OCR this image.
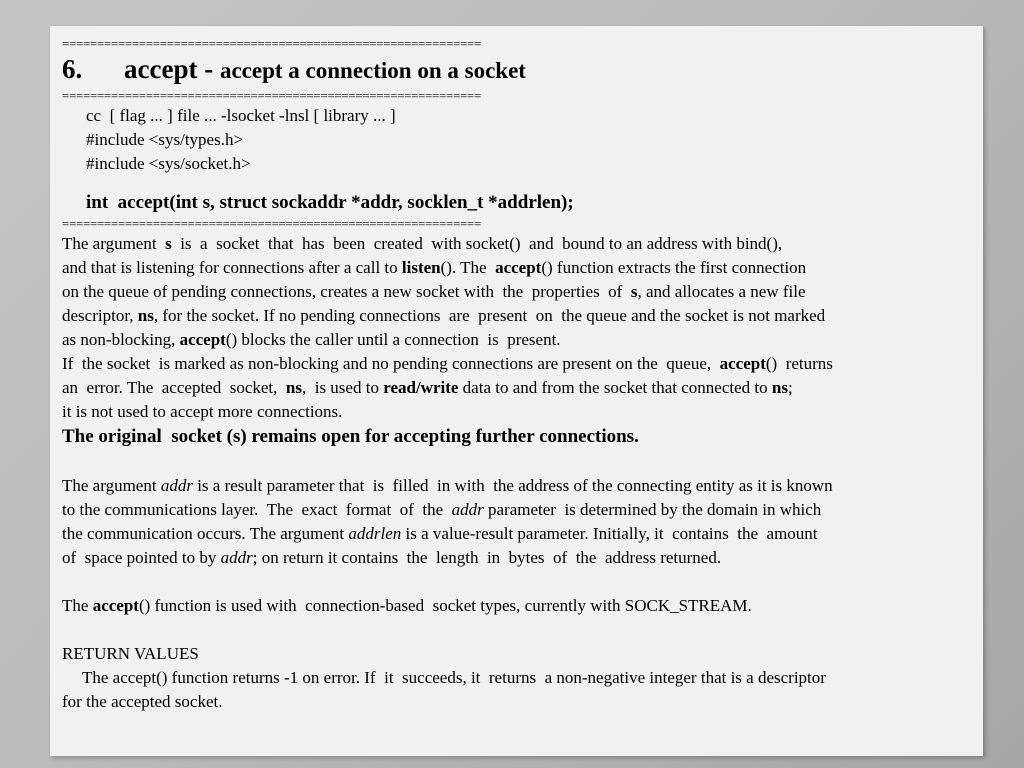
============================================================
6. accept - accept a connection on a socket
============================================================
cc  [ flag ... ] file ... -lsocket -lnsl [ library ... ]
#include <sys/types.h>
#include <sys/socket.h>
int  accept(int s, struct sockaddr *addr, socklen_t *addrlen);
============================================================
The argument  s  is  a  socket  that  has  been  created  with socket()  and  bound to an address with bind(),
and that is listening for connections after a call to listen(). The  accept() function extracts the first connection
on the queue of pending connections, creates a new socket with  the  properties  of  s, and allocates a new file
descriptor, ns, for the socket. If no pending connections  are  present  on  the queue and the socket is not marked
as non-blocking, accept() blocks the caller until a connection  is  present.
If  the socket  is marked as non-blocking and no pending connections are present on the  queue,  accept()  returns
an  error. The  accepted  socket,  ns,  is used to read/write data to and from the socket that connected to ns;
it is not used to accept more connections.
The original  socket (s) remains open for accepting further connections.
The argument addr is a result parameter that  is  filled  in with  the address of the connecting entity as it is known
to the communications layer.  The  exact  format  of  the  addr parameter  is determined by the domain in which
the communication occurs. The argument addrlen is a value-result parameter. Initially, it  contains  the  amount
of  space pointed to by addr; on return it contains  the  length  in  bytes  of  the  address returned.
The accept() function is used with  connection-based  socket types, currently with SOCK_STREAM.
RETURN VALUES
The accept() function returns -1 on error. If  it  succeeds, it  returns  a non-negative integer that is a descriptor
for the accepted socket.
